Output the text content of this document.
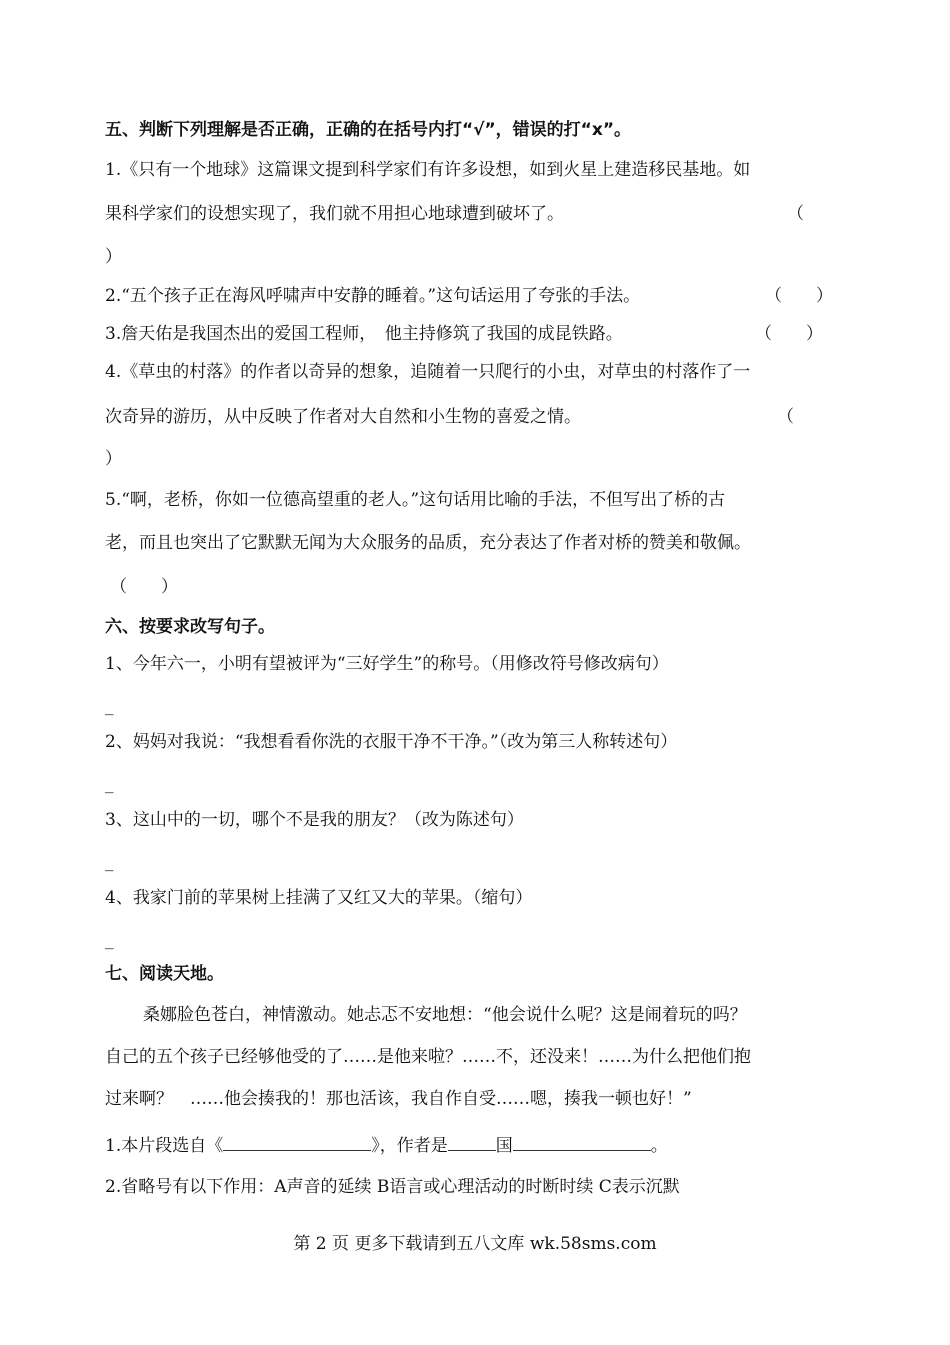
五、判断下列理解是否正确，正确的在括号内打“√”，错误的打“x”。
1.《只有一个地球》这篇课文提到科学家们有许多设想，如到火星上建造移民基地。如
果科学家们的设想实现了，我们就不用担心地球遭到破坏了。	（
）
2.“五个孩子正在海风呼啸声中安静的睡着。”这句话运用了夸张的手法。	（　　）
3.詹天佑是我国杰出的爱国工程师，　他主持修筑了我国的成昆铁路。	（　　）
4.《草虫的村落》的作者以奇异的想象，追随着一只爬行的小虫，对草虫的村落作了一
次奇异的游历，从中反映了作者对大自然和小生物的喜爱之情。	（
）
5.“啊，老桥，你如一位德高望重的老人。”这句话用比喻的手法，不但写出了桥的古
老，而且也突出了它默默无闻为大众服务的品质，充分表达了作者对桥的赞美和敬佩。
（　　）
六、按要求改写句子。
1、今年六一，小明有望被评为“三好学生”的称号。（用修改符号修改病句）
_
2、妈妈对我说：“我想看看你洗的衣服干净不干净。”（改为第三人称转述句）
_
3、这山中的一切，哪个不是我的朋友？（改为陈述句）
_
4、我家门前的苹果树上挂满了又红又大的苹果。（缩句）
_
七、阅读天地。
桑娜脸色苍白，神情激动。她忐忑不安地想：“他会说什么呢？这是闹着玩的吗？
自己的五个孩子已经够他受的了……是他来啦？……不，还没来！……为什么把他们抱
过来啊？　……他会揍我的！那也活该，我自作自受……嗯，揍我一顿也好！”
1.本片段选自《	》，作者是	国	。
2.省略号有以下作用：A声音的延续 B语言或心理活动的时断时续 C表示沉默
第 2 页 更多下载请到五八文库 wk.58sms.com
